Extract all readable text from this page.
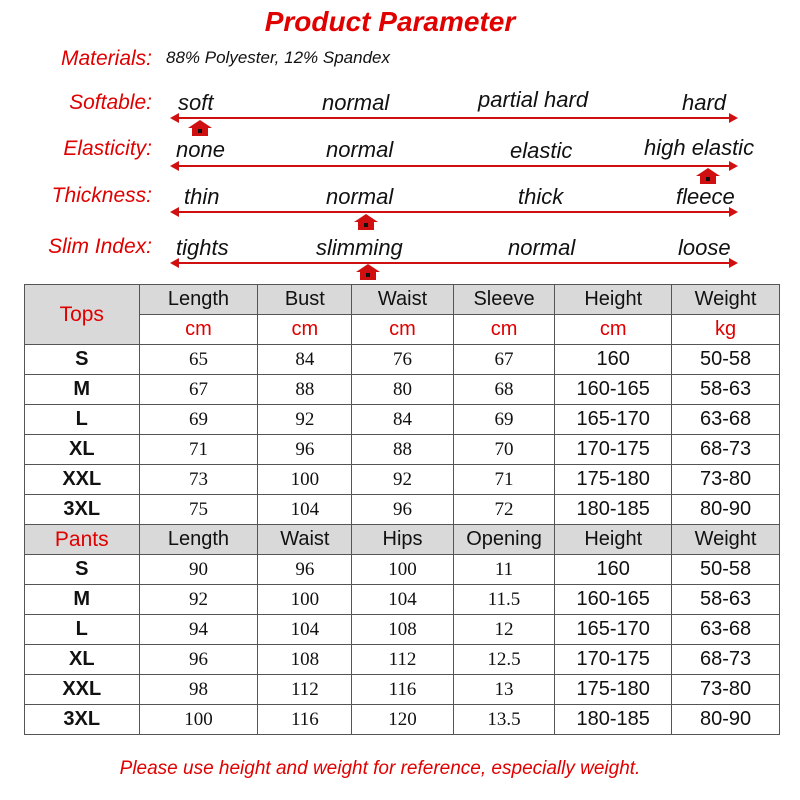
Product Parameter
Materials: 88% Polyester, 12% Spandex
Softable: soft	normal	partial hard	hard
Elasticity: none	normal	elastic	high elastic
Thickness: thin	normal	thick	fleece
Slim Index: tights	slimming	normal	loose
Tops	Length	Bust	Waist	Sleeve	Height	Weight
	cm	cm	cm	cm	cm	kg
S	65	84	76	67	160	50-58
M	67	88	80	68	160-165	58-63
L	69	92	84	69	165-170	63-68
XL	71	96	88	70	170-175	68-73
XXL	73	100	92	71	175-180	73-80
3XL	75	104	96	72	180-185	80-90
Pants	Length	Waist	Hips	Opening	Height	Weight
S	90	96	100	11	160	50-58
M	92	100	104	11.5	160-165	58-63
L	94	104	108	12	165-170	63-68
XL	96	108	112	12.5	170-175	68-73
XXL	98	112	116	13	175-180	73-80
3XL	100	116	120	13.5	180-185	80-90
Please use height and weight for reference, especially weight.
